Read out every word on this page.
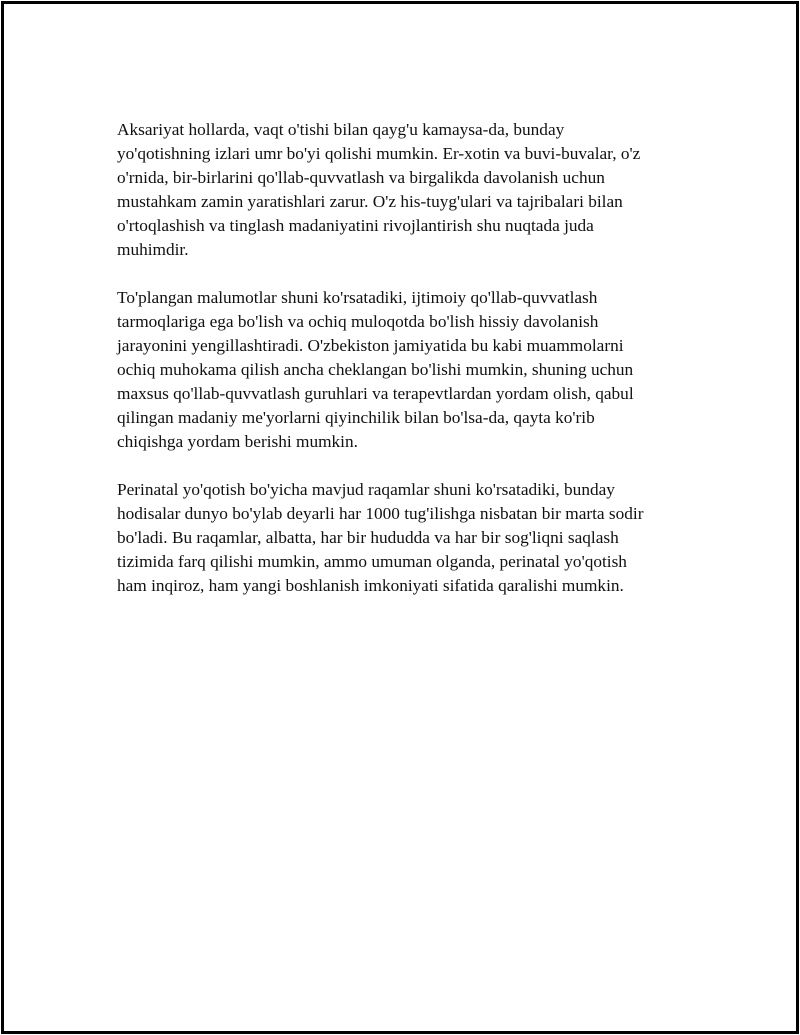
Aksariyat hollarda, vaqt o'tishi bilan qayg'u kamaysa-da, bunday
yo'qotishning izlari umr bo'yi qolishi mumkin. Er-xotin va buvi-buvalar, o'z
o'rnida, bir-birlarini qo'llab-quvvatlash va birgalikda davolanish uchun
mustahkam zamin yaratishlari zarur. O'z his-tuyg'ulari va tajribalari bilan
o'rtoqlashish va tinglash madaniyatini rivojlantirish shu nuqtada juda
muhimdir.

To'plangan malumotlar shuni ko'rsatadiki, ijtimoiy qo'llab-quvvatlash
tarmoqlariga ega bo'lish va ochiq muloqotda bo'lish hissiy davolanish
jarayonini yengillashtiradi. O'zbekiston jamiyatida bu kabi muammolarni
ochiq muhokama qilish ancha cheklangan bo'lishi mumkin, shuning uchun
maxsus qo'llab-quvvatlash guruhlari va terapevtlardan yordam olish, qabul
qilingan madaniy me'yorlarni qiyinchilik bilan bo'lsa-da, qayta ko'rib
chiqishga yordam berishi mumkin.

Perinatal yo'qotish bo'yicha mavjud raqamlar shuni ko'rsatadiki, bunday
hodisalar dunyo bo'ylab deyarli har 1000 tug'ilishga nisbatan bir marta sodir
bo'ladi. Bu raqamlar, albatta, har bir hududda va har bir sog'liqni saqlash
tizimida farq qilishi mumkin, ammo umuman olganda, perinatal yo'qotish
ham inqiroz, ham yangi boshlanish imkoniyati sifatida qaralishi mumkin.
